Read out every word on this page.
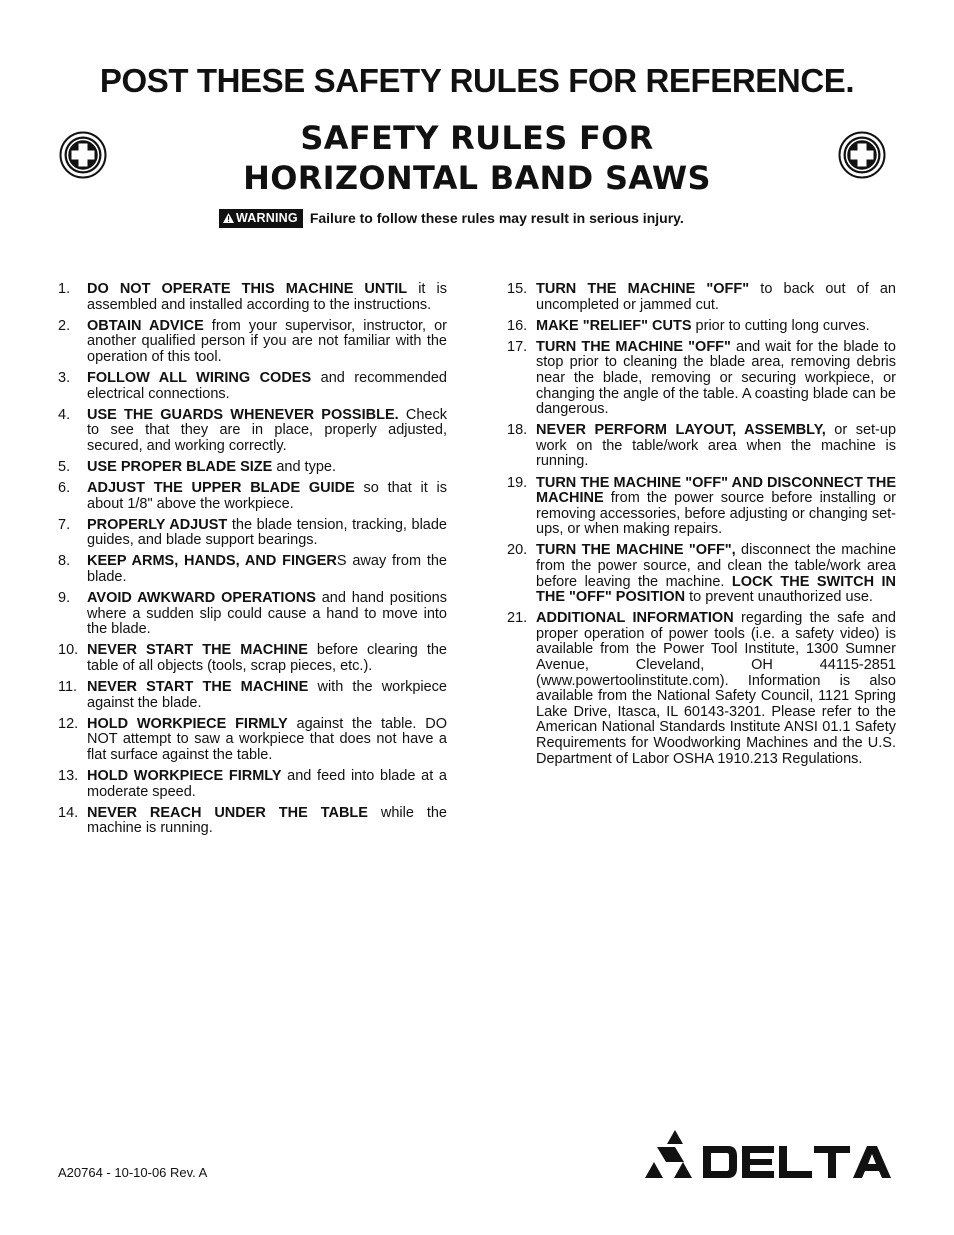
POST THESE SAFETY RULES FOR REFERENCE.
SAFETY RULES FOR
HORIZONTAL BAND SAWS
WARNING Failure to follow these rules may result in serious injury.
1. DO NOT OPERATE THIS MACHINE UNTIL it is assembled and installed according to the instructions.
2. OBTAIN ADVICE from your supervisor, instructor, or another qualified person if you are not familiar with the operation of this tool.
3. FOLLOW ALL WIRING CODES and recommended electrical connections.
4. USE THE GUARDS WHENEVER POSSIBLE. Check to see that they are in place, properly adjusted, secured, and working correctly.
5. USE PROPER BLADE SIZE and type.
6. ADJUST THE UPPER BLADE GUIDE so that it is about 1/8" above the workpiece.
7. PROPERLY ADJUST the blade tension, tracking, blade guides, and blade support bearings.
8. KEEP ARMS, HANDS, AND FINGERS away from the blade.
9. AVOID AWKWARD OPERATIONS and hand positions where a sudden slip could cause a hand to move into the blade.
10. NEVER START THE MACHINE before clearing the table of all objects (tools, scrap pieces, etc.).
11. NEVER START THE MACHINE with the workpiece against the blade.
12. HOLD WORKPIECE FIRMLY against the table. DO NOT attempt to saw a workpiece that does not have a flat surface against the table.
13. HOLD WORKPIECE FIRMLY and feed into blade at a moderate speed.
14. NEVER REACH UNDER THE TABLE while the machine is running.
15. TURN THE MACHINE "OFF" to back out of an uncompleted or jammed cut.
16. MAKE "RELIEF" CUTS prior to cutting long curves.
17. TURN THE MACHINE "OFF" and wait for the blade to stop prior to cleaning the blade area, removing debris near the blade, removing or securing workpiece, or changing the angle of the table. A coasting blade can be dangerous.
18. NEVER PERFORM LAYOUT, ASSEMBLY, or set-up work on the table/work area when the machine is running.
19. TURN THE MACHINE "OFF" AND DISCONNECT THE MACHINE from the power source before installing or removing accessories, before adjusting or changing set-ups, or when making repairs.
20. TURN THE MACHINE "OFF", disconnect the machine from the power source, and clean the table/work area before leaving the machine. LOCK THE SWITCH IN THE "OFF" POSITION to prevent unauthorized use.
21. ADDITIONAL INFORMATION regarding the safe and proper operation of power tools (i.e. a safety video) is available from the Power Tool Institute, 1300 Sumner Avenue, Cleveland, OH 44115-2851 (www.powertoolinstitute.com). Information is also available from the National Safety Council, 1121 Spring Lake Drive, Itasca, IL 60143-3201. Please refer to the American National Standards Institute ANSI 01.1 Safety Requirements for Woodworking Machines and the U.S. Department of Labor OSHA 1910.213 Regulations.
A20764 - 10-10-06 Rev. A
